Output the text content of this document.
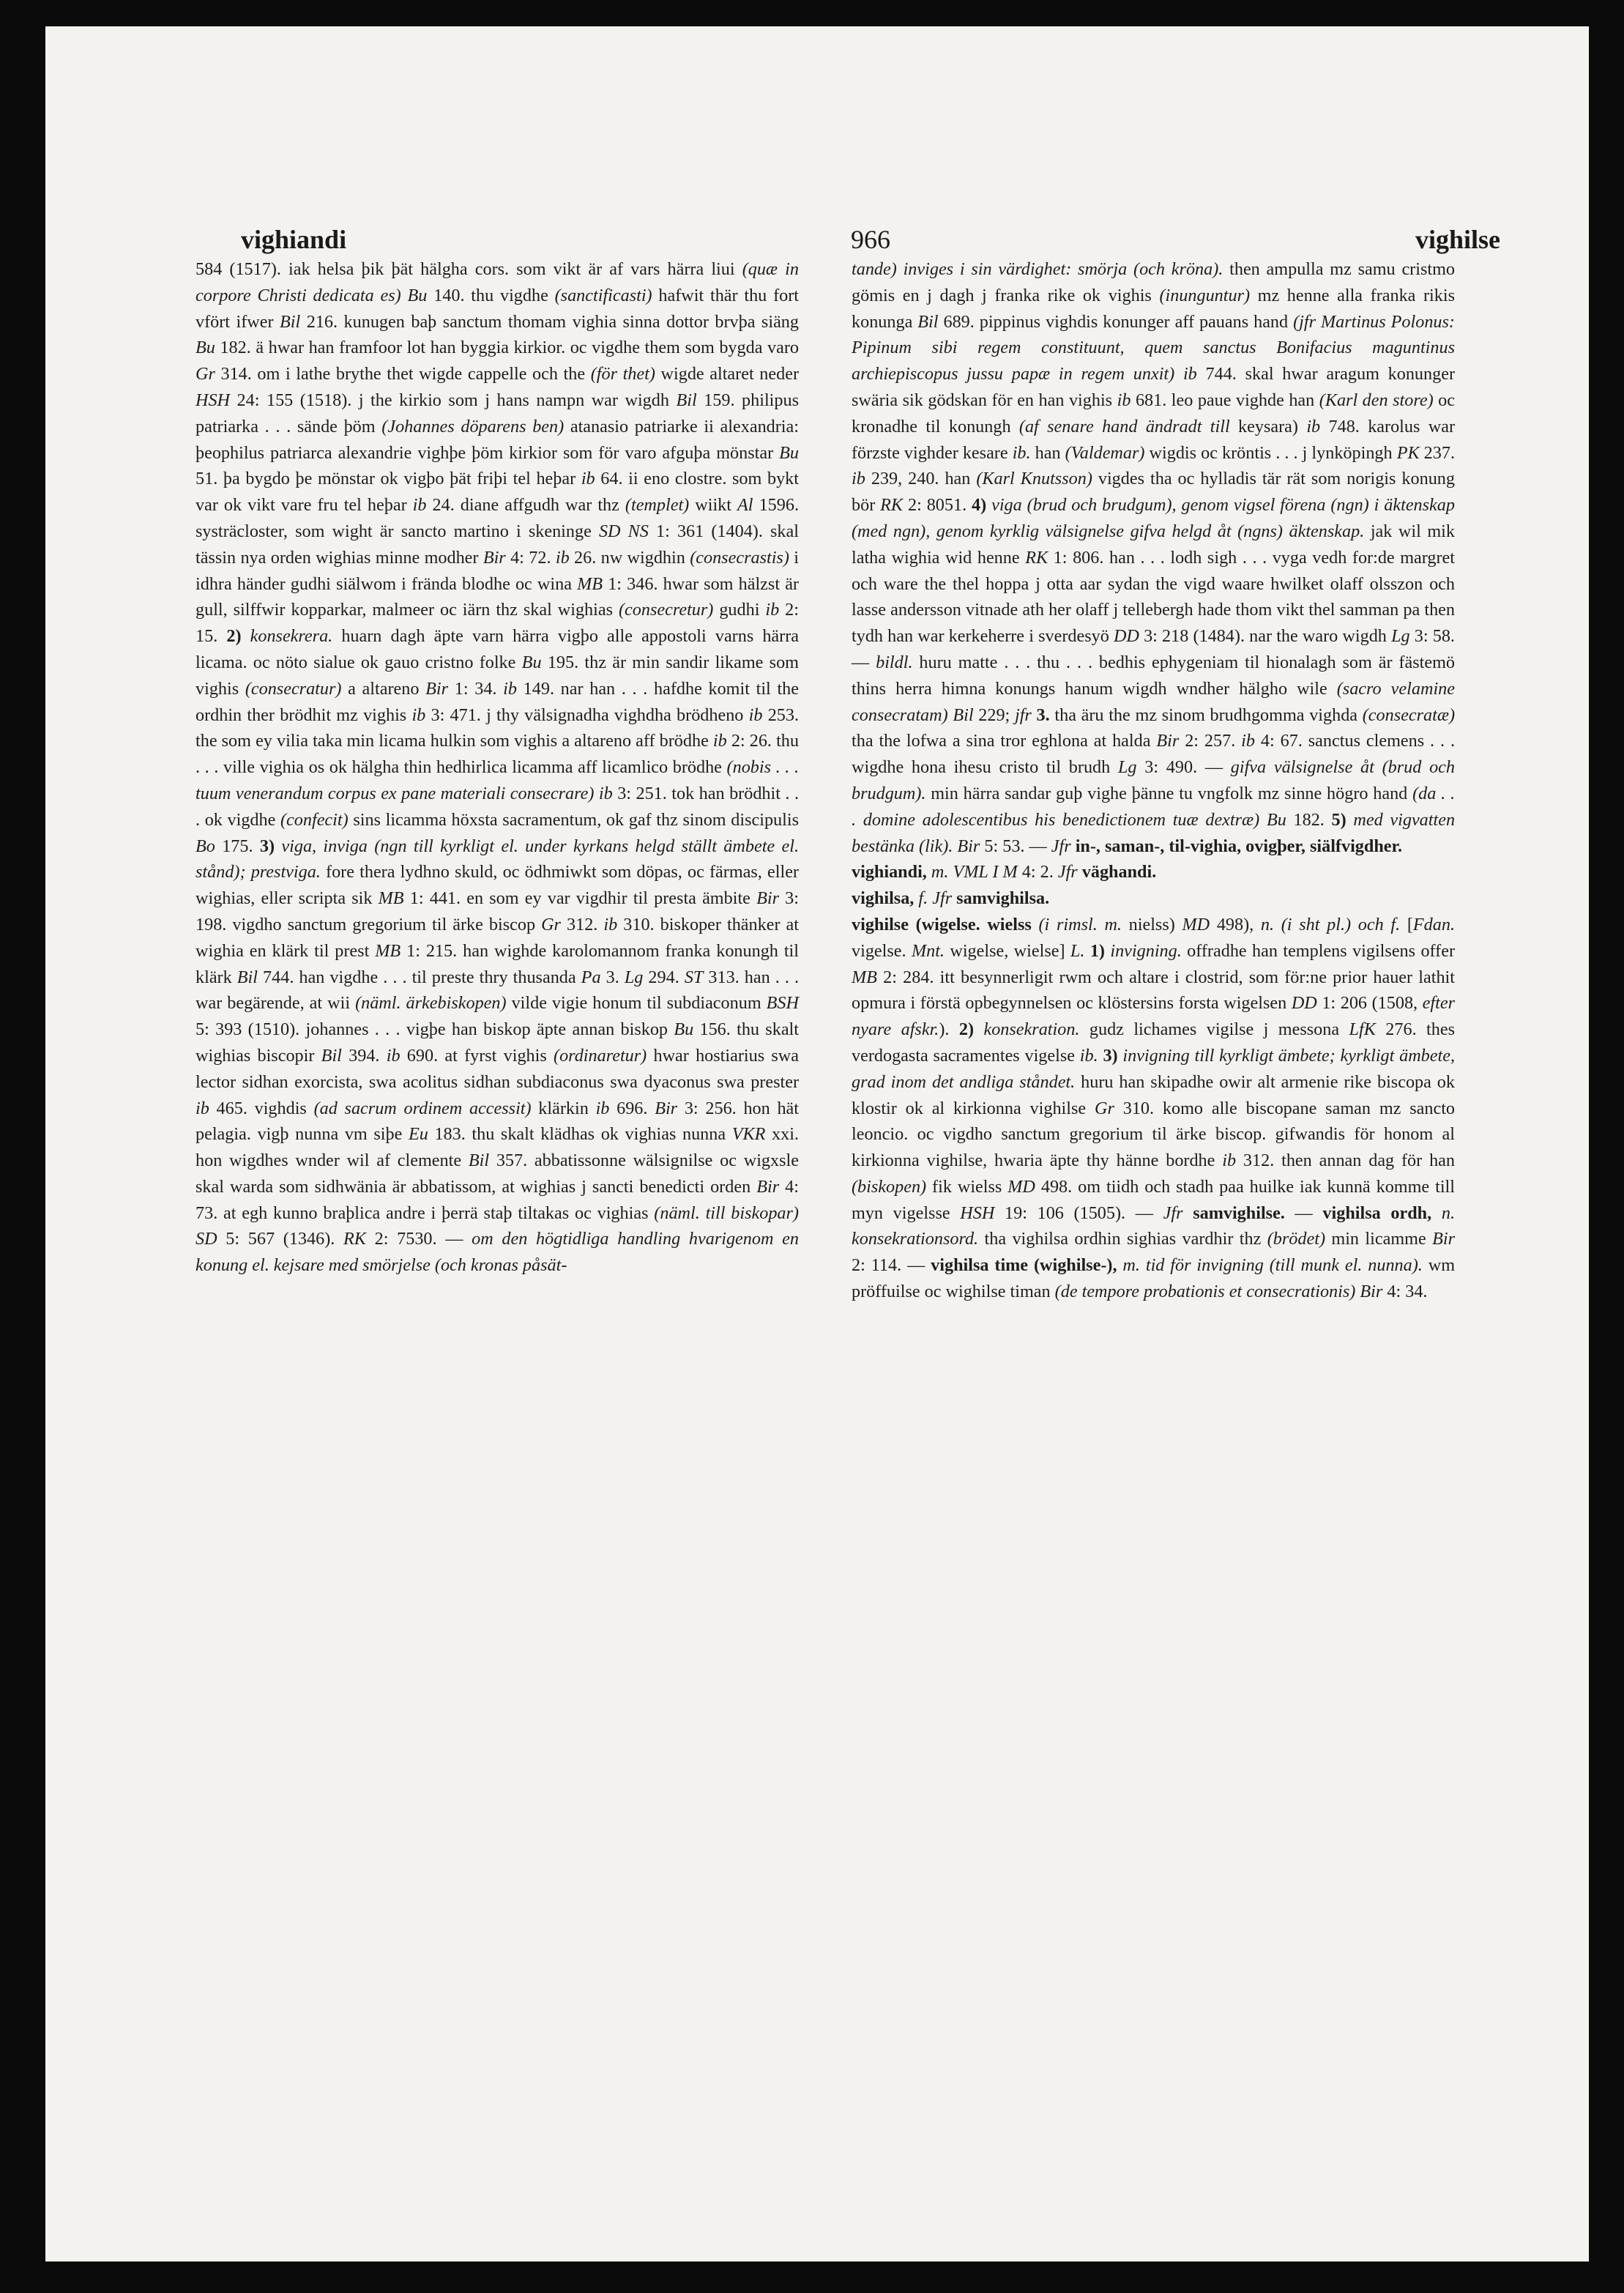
vighiandi	966	vighilse

584 (1517). iak helsa þik þät hälgha cors. som vikt är af vars härra liui (quæ in corpore Christi dedicata es) Bu 140. thu vigdhe (sanctificasti) hafwit thär thu fort vfört ifwer Bil 216. kunugen baþ sanctum thomam vighia sinna dottor brvþa siäng Bu 182. ä hwar han framfoor lot han byggia kirkior. oc vigdhe them som bygda varo Gr 314. om i lathe brythe thet wigde cappelle och the (för thet) wigde altaret neder HSH 24: 155 (1518). j the kirkio som j hans nampn war wigdh Bil 159. philipus patriarka . . . sände þöm (Johannes döparens ben) atanasio patriarke ii alexandria: þeophilus patriarca alexandrie vighþe þöm kirkior som för varo afguþa mönstar Bu 51. þa bygdo þe mönstar ok vigþo þät friþi tel heþar ib 64. ii eno clostre. som bykt var ok vikt vare fru tel heþar ib 24. diane affgudh war thz (templet) wiikt Al 1596. systräcloster, som wight är sancto martino i skeninge SD NS 1: 361 (1404). skal tässin nya orden wighias minne modher Bir 4: 72. ib 26. nw wigdhin (consecrastis) i idhra händer gudhi siälwom i frända blodhe oc wina MB 1: 346. hwar som hälzst är gull, silffwir kopparkar, malmeer oc iärn thz skal wighias (consecretur) gudhi ib 2: 15. 2) konsekrera. huarn dagh äpte varn härra vigþo alle appostoli varns härra licama. oc nöto sialue ok gauo cristno folke Bu 195. thz är min sandir likame som vighis (consecratur) a altareno Bir 1: 34. ib 149. nar han . . . hafdhe komit til the ordhin ther brödhit mz vighis ib 3: 471. j thy välsignadha vighdha brödheno ib 253. the som ey vilia taka min licama hulkin som vighis a altareno aff brödhe ib 2: 26. thu . . . ville vighia os ok hälgha thin hedhirlica licamma aff licamlico brödhe (nobis . . . tuum venerandum corpus ex pane materiali consecrare) ib 3: 251. tok han brödhit . . . ok vigdhe (confecit) sins licamma höxsta sacramentum, ok gaf thz sinom discipulis Bo 175. 3) viga, inviga (ngn till kyrkligt el. under kyrkans helgd ställt ämbete el. stånd); prestviga. fore thera lydhno skuld, oc ödhmiwkt som döpas, oc färmas, eller wighias, eller scripta sik MB 1: 441. en som ey var vigdhir til presta ämbite Bir 3: 198. vigdho sanctum gregorium til ärke biscop Gr 312. ib 310. biskoper thänker at wighia en klärk til prest MB 1: 215. han wighde karolomannom franka konungh til klärk Bil 744. han vigdhe . . . til preste thry thusanda Pa 3. Lg 294. ST 313. han . . . war begärende, at wii (näml. ärkebiskopen) vilde vigie honum til subdiaconum BSH 5: 393 (1510). johannes . . . vigþe han biskop äpte annan biskop Bu 156. thu skalt wighias biscopir Bil 394. ib 690. at fyrst vighis (ordinaretur) hwar hostiarius swa lector sidhan exorcista, swa acolitus sidhan subdiaconus swa dyaconus swa prester ib 465. vighdis (ad sacrum ordinem accessit) klärkin ib 696. Bir 3: 256. hon hät pelagia. vigþ nunna vm siþe Eu 183. thu skalt klädhas ok vighias nunna VKR xxi. hon wigdhes wnder wil af clemente Bil 357. abbatissonne wälsignilse oc wigxsle skal warda som sidhwänia är abbatissom, at wighias j sancti benedicti orden Bir 4: 73. at egh kunno braþlica andre i þerrä staþ tiltakas oc vighias (näml. till biskopar) SD 5: 567 (1346). RK 2: 7530. — om den högtidliga handling hvarigenom en konung el. kejsare med smörjelse (och kronas påsät-

tande) inviges i sin värdighet: smörja (och kröna). then ampulla mz samu cristmo gömis en j dagh j franka rike ok vighis (inunguntur) mz henne alla franka rikis konunga Bil 689. pippinus vighdis konunger aff pauans hand (jfr Martinus Polonus: Pipinum sibi regem constituunt, quem sanctus Bonifacius maguntinus archiepiscopus jussu papæ in regem unxit) ib 744. skal hwar aragum konunger swäria sik gödskan för en han vighis ib 681. leo paue vighde han (Karl den store) oc kronadhe til konungh (af senare hand ändradt till keysara) ib 748. karolus war förzste vighder kesare ib. han (Valdemar) wigdis oc kröntis . . . j lynköpingh PK 237. ib 239, 240. han (Karl Knutsson) vigdes tha oc hylladis tär rät som norigis konung bör RK 2: 8051. 4) viga (brud och brudgum), genom vigsel förena (ngn) i äktenskap (med ngn), genom kyrklig välsignelse gifva helgd åt (ngns) äktenskap. jak wil mik latha wighia wid henne RK 1: 806. han . . . lodh sigh . . . vyga vedh for:de margret och ware the thel hoppa j otta aar sydan the vigd waare hwilket olaff olsszon och lasse andersson vitnade ath her olaff j tellebergh hade thom vikt thel samman pa then tydh han war kerkeherre i sverdesyö DD 3: 218 (1484). nar the waro wigdh Lg 3: 58. — bildl. huru matte . . . thu . . . bedhis ephygeniam til hionalagh som är fästemö thins herra himna konungs hanum wigdh wndher hälgho wile (sacro velamine consecratam) Bil 229; jfr 3. tha äru the mz sinom brudhgomma vighda (consecratæ) tha the lofwa a sina tror eghlona at halda Bir 2: 257. ib 4: 67. sanctus clemens . . . wigdhe hona ihesu cristo til brudh Lg 3: 490. — gifva välsignelse åt (brud och brudgum). min härra sandar guþ vighe þänne tu vngfolk mz sinne högro hand (da . . . domine adolescentibus his benedictionem tuæ dextræ) Bu 182. 5) med vigvatten bestänka (lik). Bir 5: 53. — Jfr in-, saman-, til-vighia, ovigþer, siälfvigdher.

vighiandi, m. VML I M 4: 2. Jfr väghandi.

vighilsa, f. Jfr samvighilsa.

vighilse (wigelse. wielss (i rimsl. m. nielss) MD 498), n. (i sht pl.) och f. [Fdan. vigelse. Mnt. wigelse, wielse] L. 1) invigning. offradhe han templens vigilsens offer MB 2: 284. itt besynnerligit rwm och altare i clostrid, som för:ne prior hauer lathit opmura i förstä opbegynnelsen oc klöstersins forsta wigelsen DD 1: 206 (1508, efter nyare afskr.). 2) konsekration. gudz lichames vigilse j messona LfK 276. thes verdogasta sacramentes vigelse ib. 3) invigning till kyrkligt ämbete; kyrkligt ämbete, grad inom det andliga ståndet. huru han skipadhe owir alt armenie rike biscopa ok klostir ok al kirkionna vighilse Gr 310. komo alle biscopane saman mz sancto leoncio. oc vigdho sanctum gregorium til ärke biscop. gifwandis för honom al kirkionna vighilse, hwaria äpte thy hänne bordhe ib 312. then annan dag för han (biskopen) fik wielss MD 498. om tiidh och stadh paa huilke iak kunnä komme till myn vigelsse HSH 19: 106 (1505). — Jfr samvighilse. — vighilsa ordh, n. konsekrationsord. tha vighilsa ordhin sighias vardhir thz (brödet) min licamme Bir 2: 114. — vighilsa time (wighilse-), m. tid för invigning (till munk el. nunna). wm pröffuilse oc wighilse timan (de tempore probationis et consecrationis) Bir 4: 34.
